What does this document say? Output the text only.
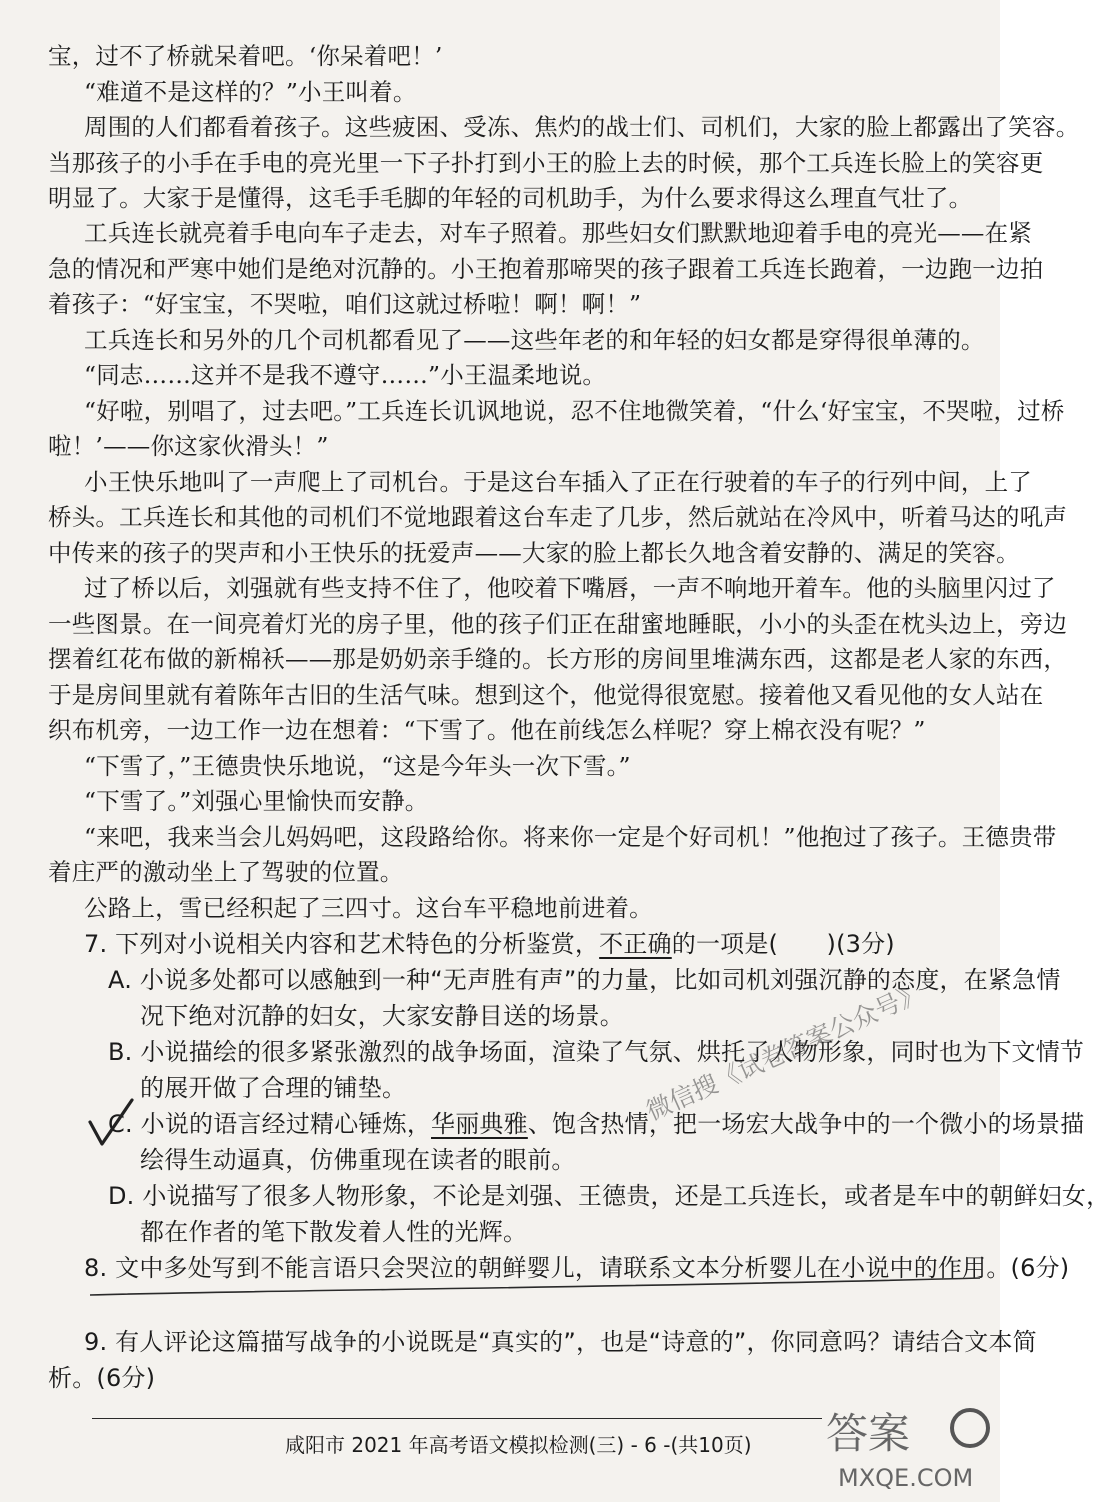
宝，过不了桥就呆着吧。‘你呆着吧！’
“难道不是这样的？”小王叫着。
周围的人们都看着孩子。这些疲困、受冻、焦灼的战士们、司机们，大家的脸上都露出了笑容。
当那孩子的小手在手电的亮光里一下子扑打到小王的脸上去的时候，那个工兵连长脸上的笑容更
明显了。大家于是懂得，这毛手毛脚的年轻的司机助手，为什么要求得这么理直气壮了。
工兵连长就亮着手电向车子走去，对车子照着。那些妇女们默默地迎着手电的亮光——在紧
急的情况和严寒中她们是绝对沉静的。小王抱着那啼哭的孩子跟着工兵连长跑着，一边跑一边拍
着孩子：“好宝宝，不哭啦，咱们这就过桥啦！啊！啊！”
工兵连长和另外的几个司机都看见了——这些年老的和年轻的妇女都是穿得很单薄的。
“同志……这并不是我不遵守……”小王温柔地说。
“好啦，别唱了，过去吧。”工兵连长讥讽地说，忍不住地微笑着，“什么‘好宝宝，不哭啦，过桥
啦！’——你这家伙滑头！”
小王快乐地叫了一声爬上了司机台。于是这台车插入了正在行驶着的车子的行列中间，上了
桥头。工兵连长和其他的司机们不觉地跟着这台车走了几步，然后就站在冷风中，听着马达的吼声
中传来的孩子的哭声和小王快乐的抚爱声——大家的脸上都长久地含着安静的、满足的笑容。
过了桥以后，刘强就有些支持不住了，他咬着下嘴唇，一声不响地开着车。他的头脑里闪过了
一些图景。在一间亮着灯光的房子里，他的孩子们正在甜蜜地睡眠，小小的头歪在枕头边上，旁边
摆着红花布做的新棉袄——那是奶奶亲手缝的。长方形的房间里堆满东西，这都是老人家的东西，
于是房间里就有着陈年古旧的生活气味。想到这个，他觉得很宽慰。接着他又看见他的女人站在
织布机旁，一边工作一边在想着：“下雪了。他在前线怎么样呢？穿上棉衣没有呢？”
“下雪了，”王德贵快乐地说，“这是今年头一次下雪。”
“下雪了。”刘强心里愉快而安静。
“来吧，我来当会儿妈妈吧，这段路给你。将来你一定是个好司机！”他抱过了孩子。王德贵带
着庄严的激动坐上了驾驶的位置。
公路上，雪已经积起了三四寸。这台车平稳地前进着。
7. 下列对小说相关内容和艺术特色的分析鉴赏，不正确的一项是(　　)(3分)
A. 小说多处都可以感触到一种“无声胜有声”的力量，比如司机刘强沉静的态度，在紧急情
况下绝对沉静的妇女，大家安静目送的场景。
B. 小说描绘的很多紧张激烈的战争场面，渲染了气氛、烘托了人物形象，同时也为下文情节
的展开做了合理的铺垫。
C. 小说的语言经过精心锤炼，华丽典雅、饱含热情，把一场宏大战争中的一个微小的场景描
绘得生动逼真，仿佛重现在读者的眼前。
D. 小说描写了很多人物形象，不论是刘强、王德贵，还是工兵连长，或者是车中的朝鲜妇女，
都在作者的笔下散发着人性的光辉。
8. 文中多处写到不能言语只会哭泣的朝鲜婴儿，请联系文本分析婴儿在小说中的作用。(6分)
9. 有人评论这篇描写战争的小说既是“真实的”，也是“诗意的”，你同意吗？请结合文本简
析。(6分)
微信搜《试卷答案公众号》
咸阳市 2021 年高考语文模拟检测(三) - 6 -(共10页) 答案
MXQE.COM
